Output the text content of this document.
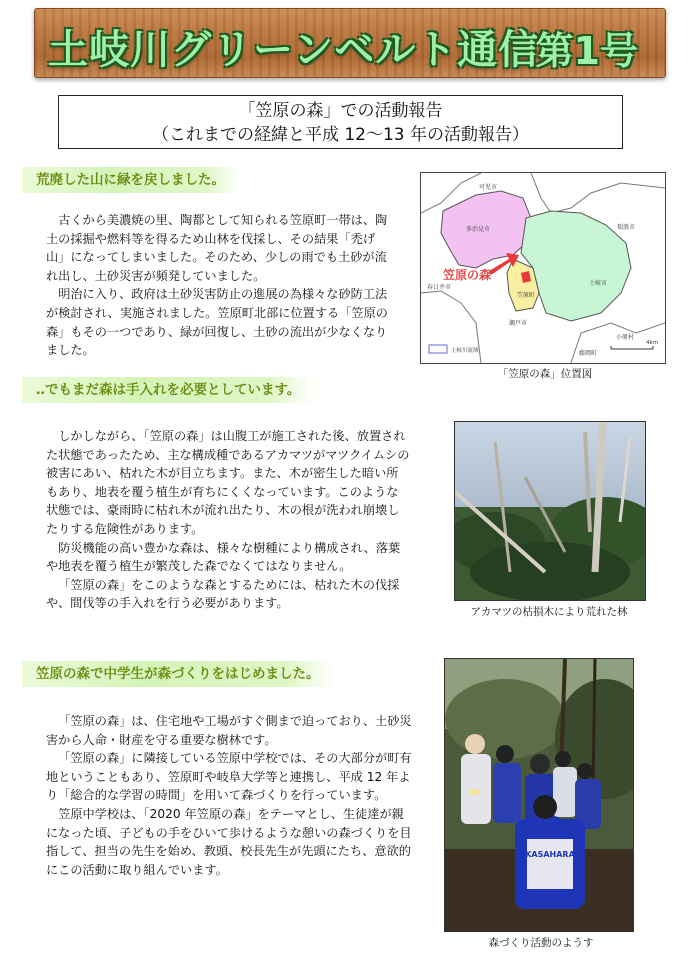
土岐川グリーンベルト通信
第1号
「笠原の森」での活動報告
（これまでの経緯と平成 12〜13 年の活動報告）
荒廃した山に緑を戻しました。

古くから美濃焼の里、陶都として知られる笠原町一帯は、陶土の採掘や燃料等を得るため山林を伐採し、その結果「禿げ山」になってしまいました。そのため、少しの雨でも土砂が流れ出し、土砂災害が頻発していました。

明治に入り、政府は土砂災害防止の進展の為様々な砂防工法が検討され、実施されました。笠原町北部に位置する「笠原の森」もその一つであり、緑が回復し、土砂の流出が少なくなりました。

可児市
多治見市	瑞浪市
土岐市
笠原町
春日井市
瀬戸市
藤岡町
小原村
笠原の森
土岐川流域
4km
「笠原の森」位置図
‥でもまだ森は手入れを必要としています。

しかしながら、「笠原の森」は山腹工が施工された後、放置された状態であったため、主な構成種であるアカマツがマツクイムシの被害にあい、枯れた木が目立ちます。また、木が密生した暗い所もあり、地表を覆う植生が育ちにくくなっています。このような状態では、豪雨時に枯れ木が流れ出たり、木の根が洗われ崩壊したりする危険性があります。

防災機能の高い豊かな森は、様々な樹種により構成され、落葉や地表を覆う植生が繁茂した森でなくてはなりません。

「笠原の森」をこのような森とするためには、枯れた木の伐採や、間伐等の手入れを行う必要があります。

アカマツの枯損木により荒れた林
笠原の森で中学生が森づくりをはじめました。

「笠原の森」は、住宅地や工場がすぐ側まで迫っており、土砂災害から人命・財産を守る重要な樹林です。

「笠原の森」に隣接している笠原中学校では、その大部分が町有地ということもあり、笠原町や岐阜大学等と連携し、平成 12 年より「総合的な学習の時間」を用いて森づくりを行っています。

笠原中学校は、「2020 年笠原の森」をテーマとし、生徒達が親になった頃、子どもの手をひいて歩けるような憩いの森づくりを目指して、担当の先生を始め、教頭、校長先生が先頭にたち、意欲的にこの活動に取り組んでいます。

KASAHARA
森づくり活動のようす
